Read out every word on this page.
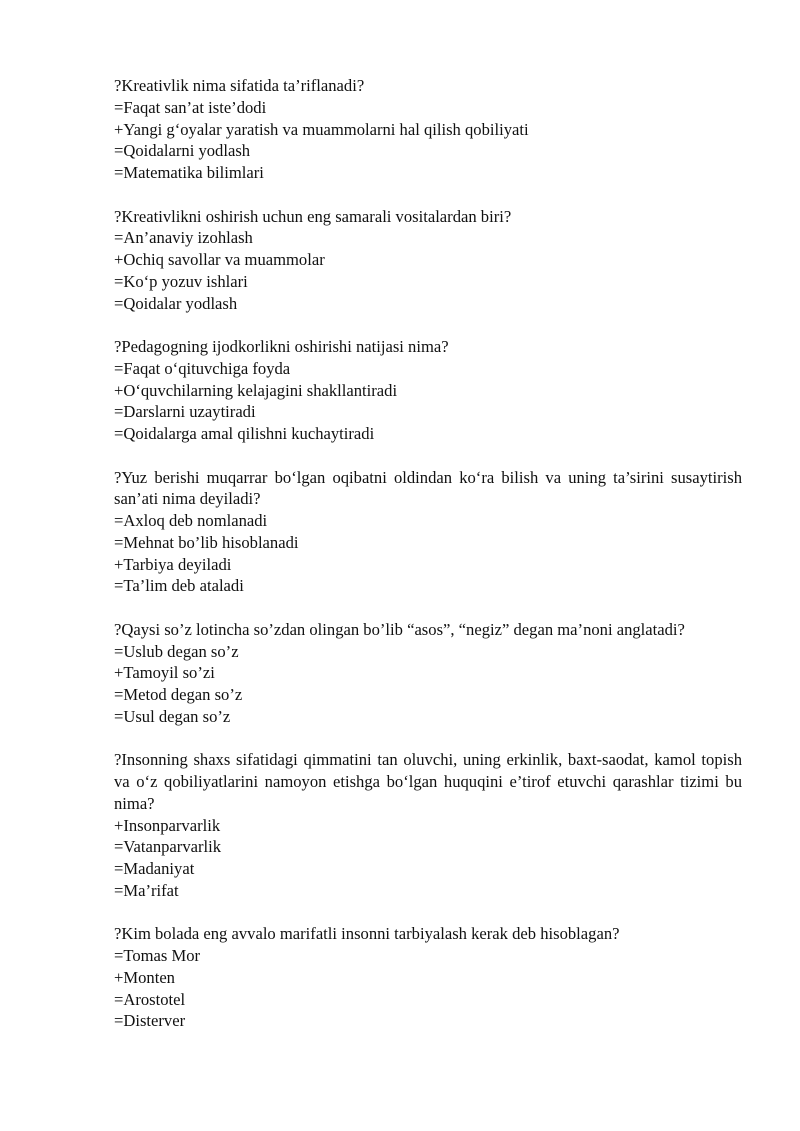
?Kreativlik nima sifatida ta’riflanadi?
=Faqat san’at iste’dodi
+Yangi g‘oyalar yaratish va muammolarni hal qilish qobiliyati
=Qoidalarni yodlash
=Matematika bilimlari
?Kreativlikni oshirish uchun eng samarali vositalardan biri?
=An’anaviy izohlash
+Ochiq savollar va muammolar
=Ko‘p yozuv ishlari
=Qoidalar yodlash
?Pedagogning ijodkorlikni oshirishi natijasi nima?
=Faqat o‘qituvchiga foyda
+O‘quvchilarning kelajagini shakllantiradi
=Darslarni uzaytiradi
=Qoidalarga amal qilishni kuchaytiradi
?Yuz berishi muqarrar bo‘lgan oqibatni oldindan ko‘ra bilish va uning ta’sirini susaytirish san’ati nima deyiladi?
=Axloq deb nomlanadi
=Mehnat bo’lib hisoblanadi
+Tarbiya deyiladi
=Ta’lim deb ataladi
?Qaysi so’z lotincha so’zdan olingan bo’lib “asos”, “negiz” degan ma’noni anglatadi?
=Uslub degan so’z
+Tamoyil so’zi
=Metod degan so’z
=Usul degan so’z
?Insonning shaxs sifatidagi qimmatini tan oluvchi, uning erkinlik, baxt-saodat, kamol topish va o‘z qobiliyatlarini namoyon etishga bo‘lgan huquqini e’tirof etuvchi qarashlar tizimi bu nima?
+Insonparvarlik
=Vatanparvarlik
=Madaniyat
=Ma’rifat
?Kim bolada eng avvalo marifatli insonni tarbiyalash kerak deb hisoblagan?
=Tomas Mor
+Monten
=Arostotel
=Disterver
